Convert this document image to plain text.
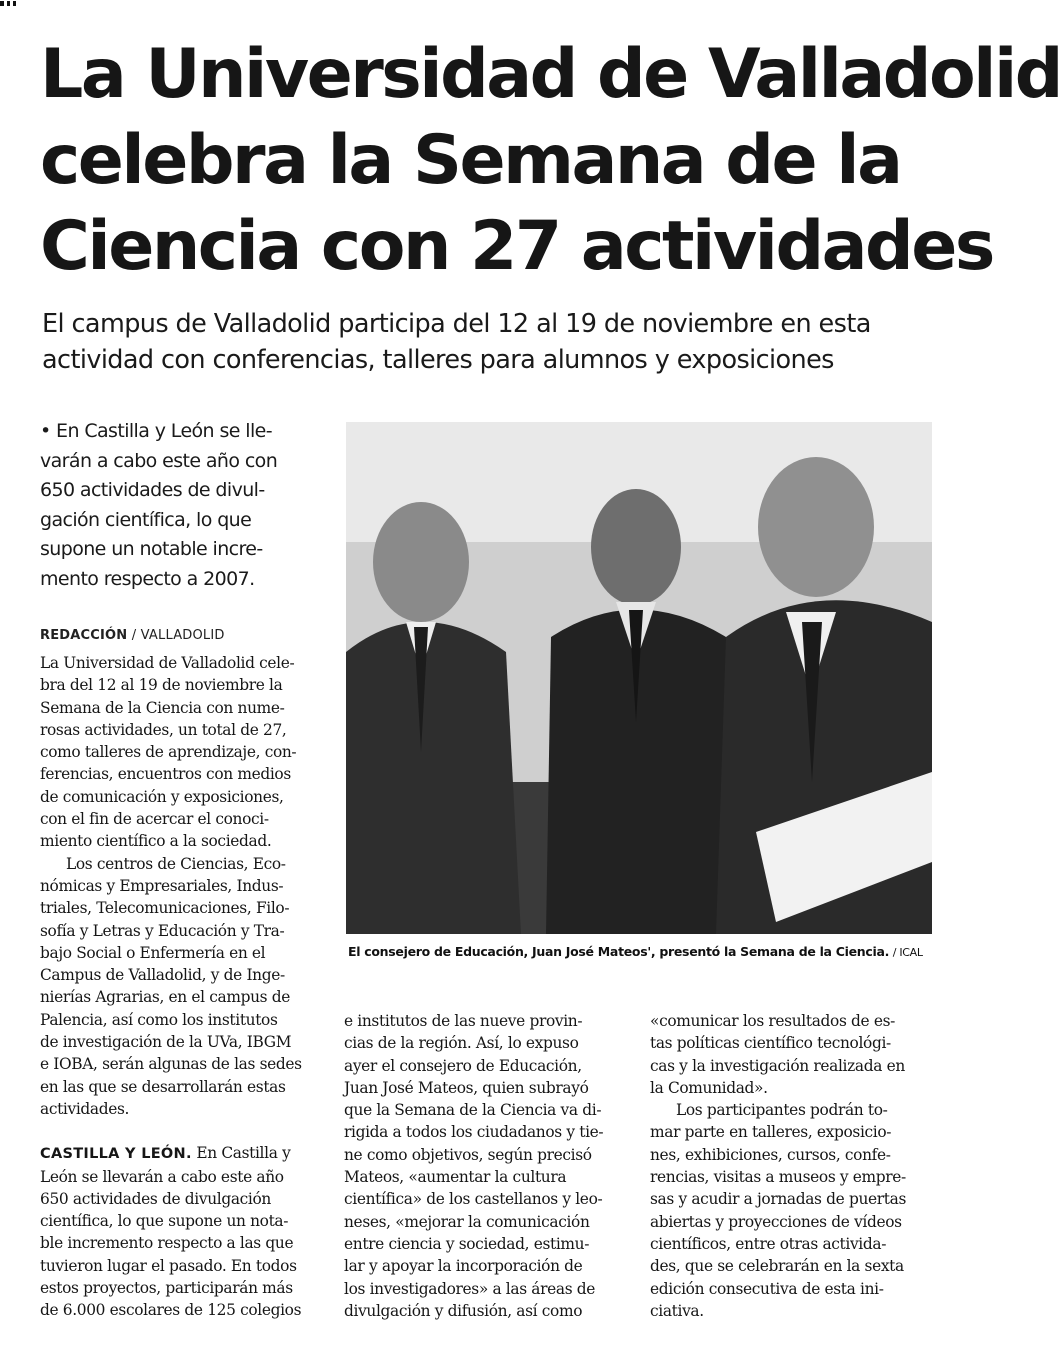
La Universidad de Valladolid
celebra la Semana de la
Ciencia con 27 actividades

El campus de Valladolid participa del 12 al 19 de noviembre en esta
actividad con conferencias, talleres para alumnos y exposiciones

• En Castilla y León se lle-
varán a cabo este año con
650 actividades de divul-
gación científica, lo que
supone un notable incre-
mento respecto a 2007.

REDACCIÓN / VALLADOLID

La Universidad de Valladolid cele-
bra del 12 al 19 de noviembre la
Semana de la Ciencia con nume-
rosas actividades, un total de 27,
como talleres de aprendizaje, con-
ferencias, encuentros con medios
de comunicación y exposiciones,
con el fin de acercar el conoci-
miento científico a la sociedad.
Los centros de Ciencias, Eco-
nómicas y Empresariales, Indus-
triales, Telecomunicaciones, Filo-
sofía y Letras y Educación y Tra-
bajo Social o Enfermería en el
Campus de Valladolid, y de Inge-
nierías Agrarias, en el campus de
Palencia, así como los institutos
de investigación de la UVa, IBGM
e IOBA, serán algunas de las sedes
en las que se desarrollarán estas
actividades.
CASTILLA Y LEÓN. En Castilla y
León se llevarán a cabo este año
650 actividades de divulgación
científica, lo que supone un nota-
ble incremento respecto a las que
tuvieron lugar el pasado. En todos
estos proyectos, participarán más
de 6.000 escolares de 125 colegios

El consejero de Educación, Juan José Mateos', presentó la Semana de la Ciencia. / ICAL

e institutos de las nueve provin-
cias de la región. Así, lo expuso
ayer el consejero de Educación,
Juan José Mateos, quien subrayó
que la Semana de la Ciencia va di-
rigida a todos los ciudadanos y tie-
ne como objetivos, según precisó
Mateos, «aumentar la cultura
científica» de los castellanos y leo-
neses, «mejorar la comunicación
entre ciencia y sociedad, estimu-
lar y apoyar la incorporación de
los investigadores» a las áreas de
divulgación y difusión, así como
«comunicar los resultados de es-
tas políticas científico tecnológi-
cas y la investigación realizada en
la Comunidad».
Los participantes podrán to-
mar parte en talleres, exposicio-
nes, exhibiciones, cursos, confe-
rencias, visitas a museos y empre-
sas y acudir a jornadas de puertas
abiertas y proyecciones de vídeos
científicos, entre otras activida-
des, que se celebrarán en la sexta
edición consecutiva de esta ini-
ciativa.
